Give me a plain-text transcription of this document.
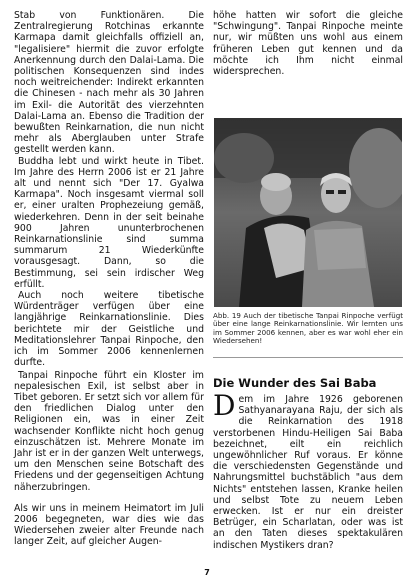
Stab von Funktionären. Die Zentralregierung Rotchinas erkannte Karmapa damit gleichfalls offiziell an, "legalisiere" hiermit die zuvor erfolgte Anerkennung durch den Dalai-Lama. Die politischen Konsequenzen sind indes noch weitreichender: Indirekt erkannten die Chinesen - nach mehr als 30 Jahren im Exil- die Autorität des vierzehnten Dalai-Lama an. Ebenso die Tradition der bewußten Reinkarnation, die nun nicht mehr als Aberglauben unter Strafe gestellt werden kann.

Buddha lebt und wirkt heute in Tibet. Im Jahre des Herrn 2006 ist er 21 Jahre alt und nennt sich "Der 17. Gyalwa Karmapa". Noch insgesamt viermal soll er, einer uralten Prophezeiung gemäß, wiederkehren. Denn in der seit beinahe 900 Jahren ununterbrochenen Reinkarnationslinie sind summa summarum 21 Wiederkünfte vorausgesagt. Dann, so die Bestimmung, sei sein irdischer Weg erfüllt.

Auch noch weitere tibetische Würdenträger verfügen über eine langjährige Reinkarnationslinie. Dies berichtete mir der Geistliche und Meditationslehrer Tanpai Rinpoche, den ich im Sommer 2006 kennenlernen durfte.

Tanpai Rinpoche führt ein Kloster im nepalesischen Exil, ist selbst aber in Tibet geboren. Er setzt sich vor allem für den friedlichen Dialog unter den Religionen ein, was in einer Zeit wachsender Konflikte nicht hoch genug einzuschätzen ist. Mehrere Monate im Jahr ist er in der ganzen Welt unterwegs, um den Menschen seine Botschaft des Friedens und der gegenseitigen Achtung näherzubringen.

Als wir uns in meinem Heimatort im Juli 2006 begegneten, war dies wie das Wiedersehen zweier alter Freunde nach langer Zeit, auf gleicher Augen-

höhe hatten wir sofort die gleiche "Schwingung". Tanpai Rinpoche meinte nur, wir müßten uns wohl aus einem früheren Leben gut kennen und da möchte ich Ihm nicht einmal widersprechen.

Abb. 19 Auch der tibetische Tanpai Rinpoche verfügt über eine lange Reinkarnationslinie. Wir lernten uns im Sommer 2006 kennen, aber es war wohl eher ein Wiedersehen!
Die Wunder des Sai Baba
D em im Jahre 1926 geborenen Sathyanarayana Raju, der sich als die Reinkarnation des 1918 verstorbenen Hindu-Heiligen Sai Baba bezeichnet, eilt ein reichlich ungewöhnlicher Ruf voraus. Er könne die verschiedensten Gegenstände und Nahrungsmittel buchstäblich "aus dem Nichts" entstehen lassen, Kranke heilen und selbst Tote zu neuem Leben erwecken. Ist er nur ein dreister Betrüger, ein Scharlatan, oder was ist an den Taten dieses spektakulären indischen Mystikers dran?

7
